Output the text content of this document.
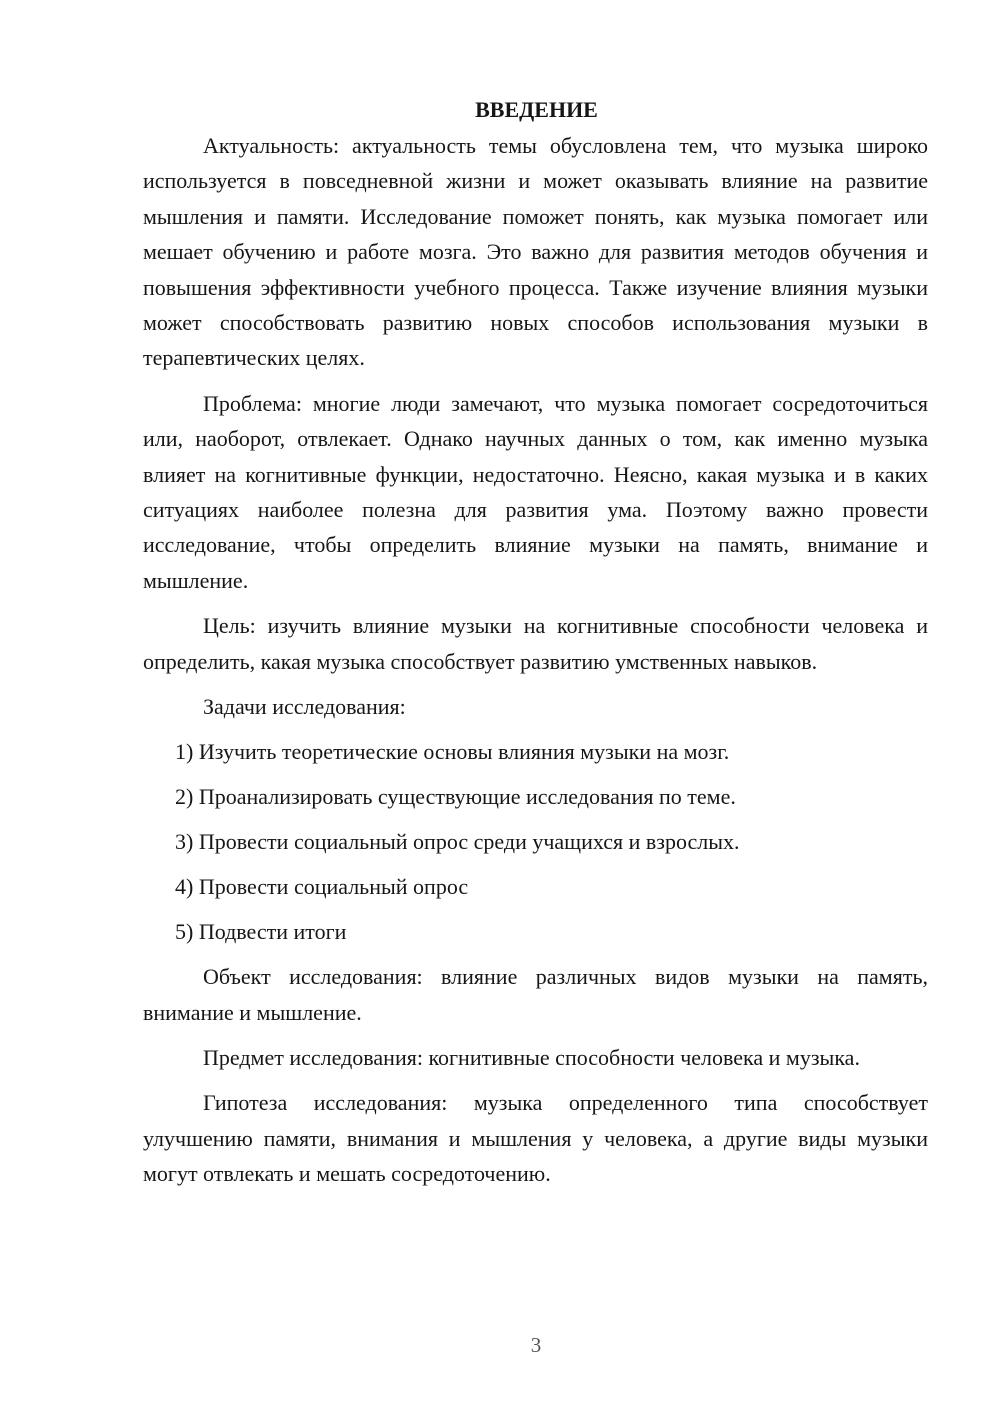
ВВЕДЕНИЕ

Актуальность: актуальность темы обусловлена тем, что музыка широко используется в повседневной жизни и может оказывать влияние на развитие мышления и памяти. Исследование поможет понять, как музыка помогает или мешает обучению и работе мозга. Это важно для развития методов обучения и повышения эффективности учебного процесса. Также изучение влияния музыки может способствовать развитию новых способов использования музыки в терапевтических целях.

Проблема: многие люди замечают, что музыка помогает сосредоточиться или, наоборот, отвлекает. Однако научных данных о том, как именно музыка влияет на когнитивные функции, недостаточно. Неясно, какая музыка и в каких ситуациях наиболее полезна для развития ума. Поэтому важно провести исследование, чтобы определить влияние музыки на память, внимание и мышление.

Цель: изучить влияние музыки на когнитивные способности человека и определить, какая музыка способствует развитию умственных навыков.

Задачи исследования:
1) Изучить теоретические основы влияния музыки на мозг.
2) Проанализировать существующие исследования по теме.
3) Провести социальный опрос среди учащихся и взрослых.
4) Провести социальный опрос
5) Подвести итоги

Объект исследования: влияние различных видов музыки на память, внимание и мышление.

Предмет исследования: когнитивные способности человека и музыка.

Гипотеза исследования: музыка определенного типа способствует улучшению памяти, внимания и мышления у человека, а другие виды музыки могут отвлекать и мешать сосредоточению.

3
